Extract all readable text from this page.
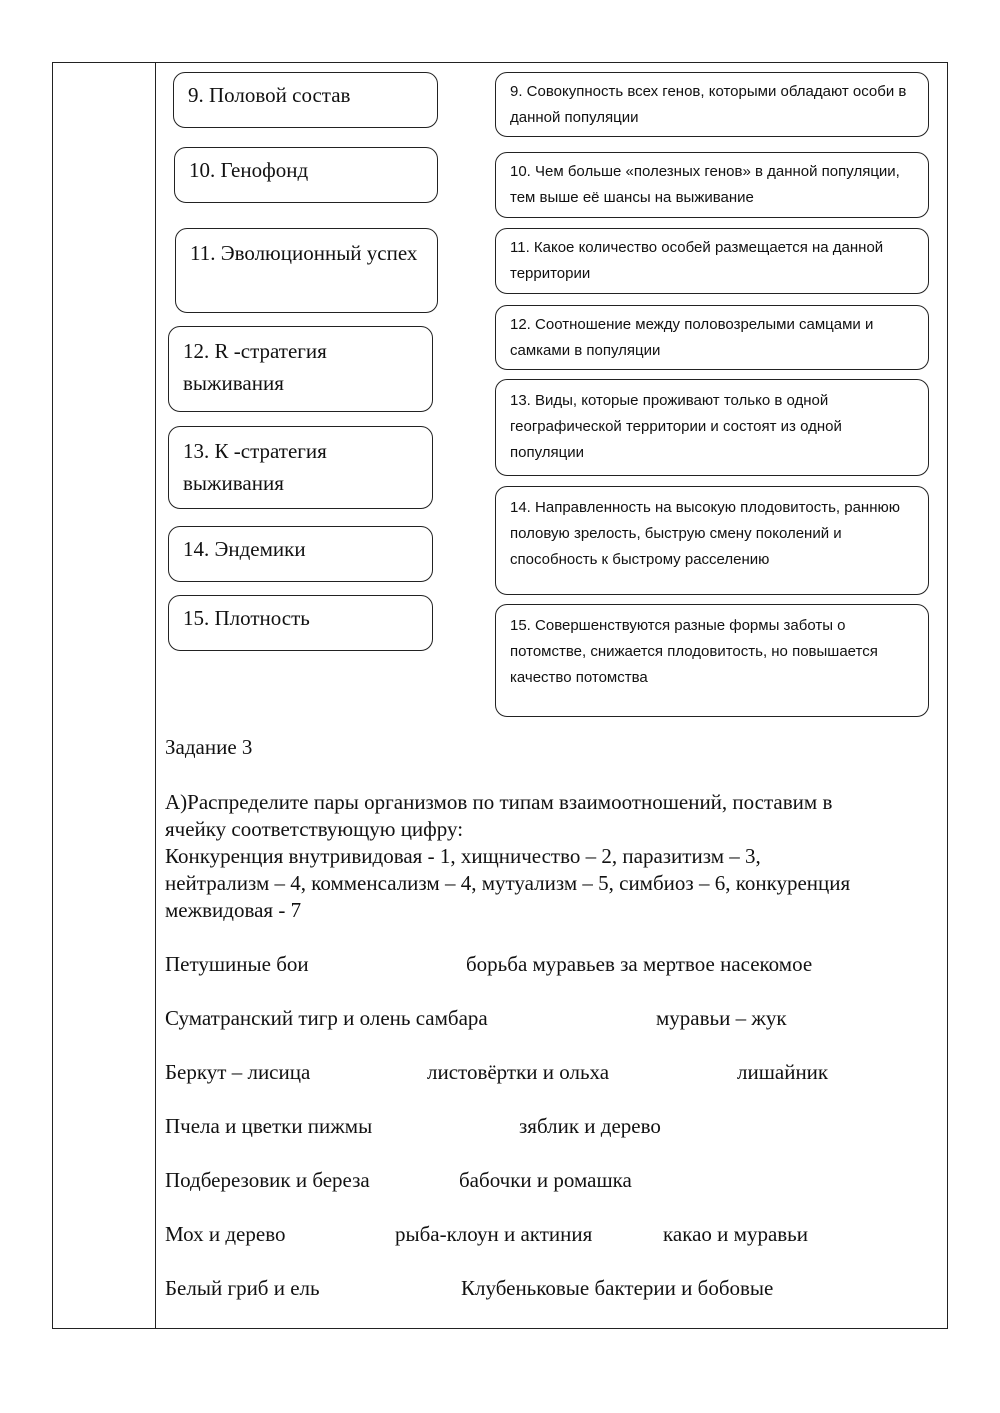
9. Половой состав
10. Генофонд
11. Эволюционный успех
12. R -стратегия выживания
13. К -стратегия выживания
14. Эндемики
15. Плотность
9. Совокупность всех генов, которыми обладают особи в данной популяции
10. Чем больше «полезных генов» в данной популяции, тем выше её шансы на выживание
11. Какое количество особей размещается на данной территории
12. Соотношение между половозрелыми самцами и самками в популяции
13. Виды, которые проживают только в одной географической территории и состоят из одной популяции
14. Направленность на высокую плодовитость, раннюю половую зрелость, быструю смену поколений и способность к быстрому расселению
15. Совершенствуются разные формы заботы о потомстве, снижается плодовитость, но повышается качество потомства
Задание 3
А)Распределите пары организмов по типам взаимоотношений, поставим в
ячейку соответствующую цифру:
Конкуренция внутривидовая - 1, хищничество – 2, паразитизм – 3,
нейтрализм – 4, комменсализм – 4, мутуализм – 5, симбиоз – 6, конкуренция
межвидовая - 7
Петушиные бои	борьба муравьев за мертвое насекомое
Суматранский тигр и олень самбара	муравьи – жук
Беркут – лисица	листовёртки и ольха	лишайник
Пчела и цветки пижмы	зяблик и дерево
Подберезовик и береза	бабочки и ромашка
Мох и дерево	рыба-клоун и актиния	какао и муравьи
Белый гриб и ель	Клубеньковые бактерии и бобовые
